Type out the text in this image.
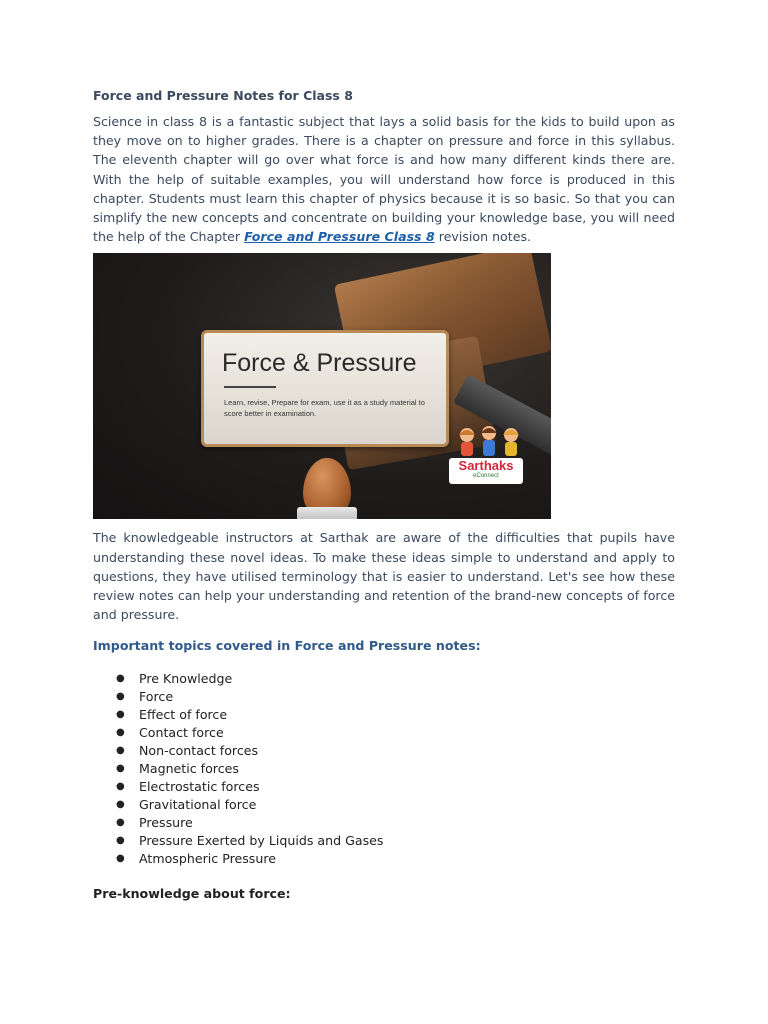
Force and Pressure Notes for Class 8

Science in class 8 is a fantastic subject that lays a solid basis for the kids to build upon as they move on to higher grades. There is a chapter on pressure and force in this syllabus. The eleventh chapter will go over what force is and how many different kinds there are. With the help of suitable examples, you will understand how force is produced in this chapter. Students must learn this chapter of physics because it is so basic. So that you can simplify the new concepts and concentrate on building your knowledge base, you will need the help of the Chapter Force and Pressure Class 8 revision notes.

Force & Pressure

Learn, revise, Prepare for exam, use it as a study material to score better in examination.

Sarthaks

eConnect

The knowledgeable instructors at Sarthak are aware of the difficulties that pupils have understanding these novel ideas. To make these ideas simple to understand and apply to questions, they have utilised terminology that is easier to understand. Let's see how these review notes can help your understanding and retention of the brand-new concepts of force and pressure.

Important topics covered in Force and Pressure notes:
● Pre Knowledge
● Force
● Effect of force
● Contact force
● Non-contact forces
● Magnetic forces
● Electrostatic forces
● Gravitational force
● Pressure
● Pressure Exerted by Liquids and Gases
● Atmospheric Pressure
Pre-knowledge about force:
